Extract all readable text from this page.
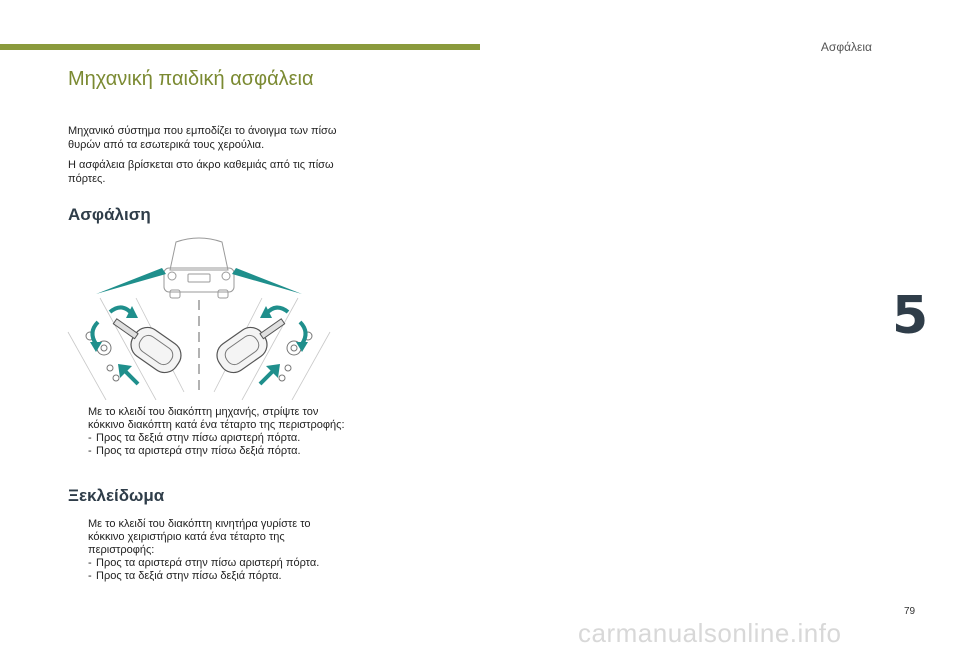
Ασφάλεια
5
79
carmanualsonline.info
Μηχανική παιδική ασφάλεια
Μηχανικό σύστημα που εμποδίζει το άνοιγμα των πίσω θυρών από τα εσωτερικά τους χερούλια.
Η ασφάλεια βρίσκεται στο άκρο καθεμιάς από τις πίσω πόρτες.
Ασφάλιση
Ξεκλείδωμα
Με το κλειδί του διακόπτη μηχανής, στρίψτε τον κόκκινο διακόπτη κατά ένα τέταρτο της περιστροφής:
- Προς τα δεξιά στην πίσω αριστερή πόρτα.
- Προς τα αριστερά στην πίσω δεξιά πόρτα.
Με το κλειδί του διακόπτη κινητήρα γυρίστε το κόκκινο χειριστήριο κατά ένα τέταρτο της περιστροφής:
- Προς τα αριστερά στην πίσω αριστερή πόρτα.
- Προς τα δεξιά στην πίσω δεξιά πόρτα.
